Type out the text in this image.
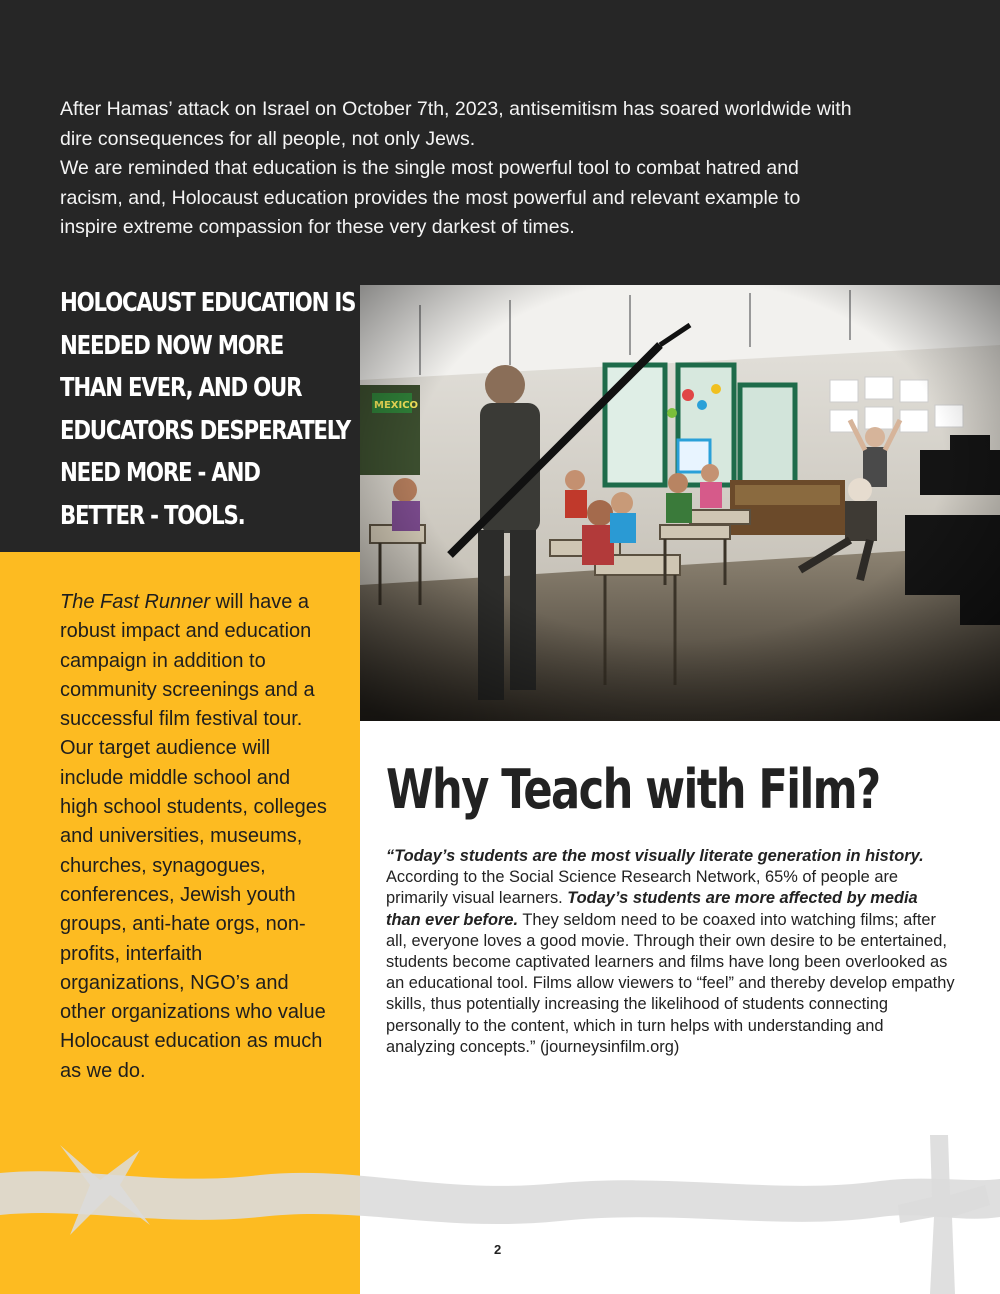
After Hamas’ attack on Israel on October 7th, 2023, antisemitism has soared worldwide with dire consequences for all people, not only Jews.

We are reminded that education is the single most powerful tool to combat hatred and racism, and, Holocaust education provides the most powerful and relevant example to inspire extreme compassion for these very darkest of times.

HOLOCAUST EDUCATION IS
NEEDED NOW MORE
THAN EVER, AND OUR
EDUCATORS DESPERATELY
NEED MORE - AND
BETTER - TOOLS.
The Fast Runner will have a robust impact and education campaign in addition to community screenings and a successful film festival tour. Our target audience will include middle school and high school students, colleges and universities, museums, churches, synagogues, conferences, Jewish youth groups, anti-hate orgs, non-profits, interfaith organizations, NGO’s and other organizations who value Holocaust education as much as we do.
Why Teach with Film?
“Today’s students are the most visually literate generation in history. According to the Social Science Research Network, 65% of people are primarily visual learners. Today’s students are more affected by media than ever before. They seldom need to be coaxed into watching films; after all, everyone loves a good movie. Through their own desire to be entertained, students become captivated learners and films have long been overlooked as an educational tool. Films allow viewers to “feel” and thereby develop empathy skills, thus potentially increasing the likelihood of students connecting personally to the content, which in turn helps with understanding and analyzing concepts.” (journeysinfilm.org)
2
